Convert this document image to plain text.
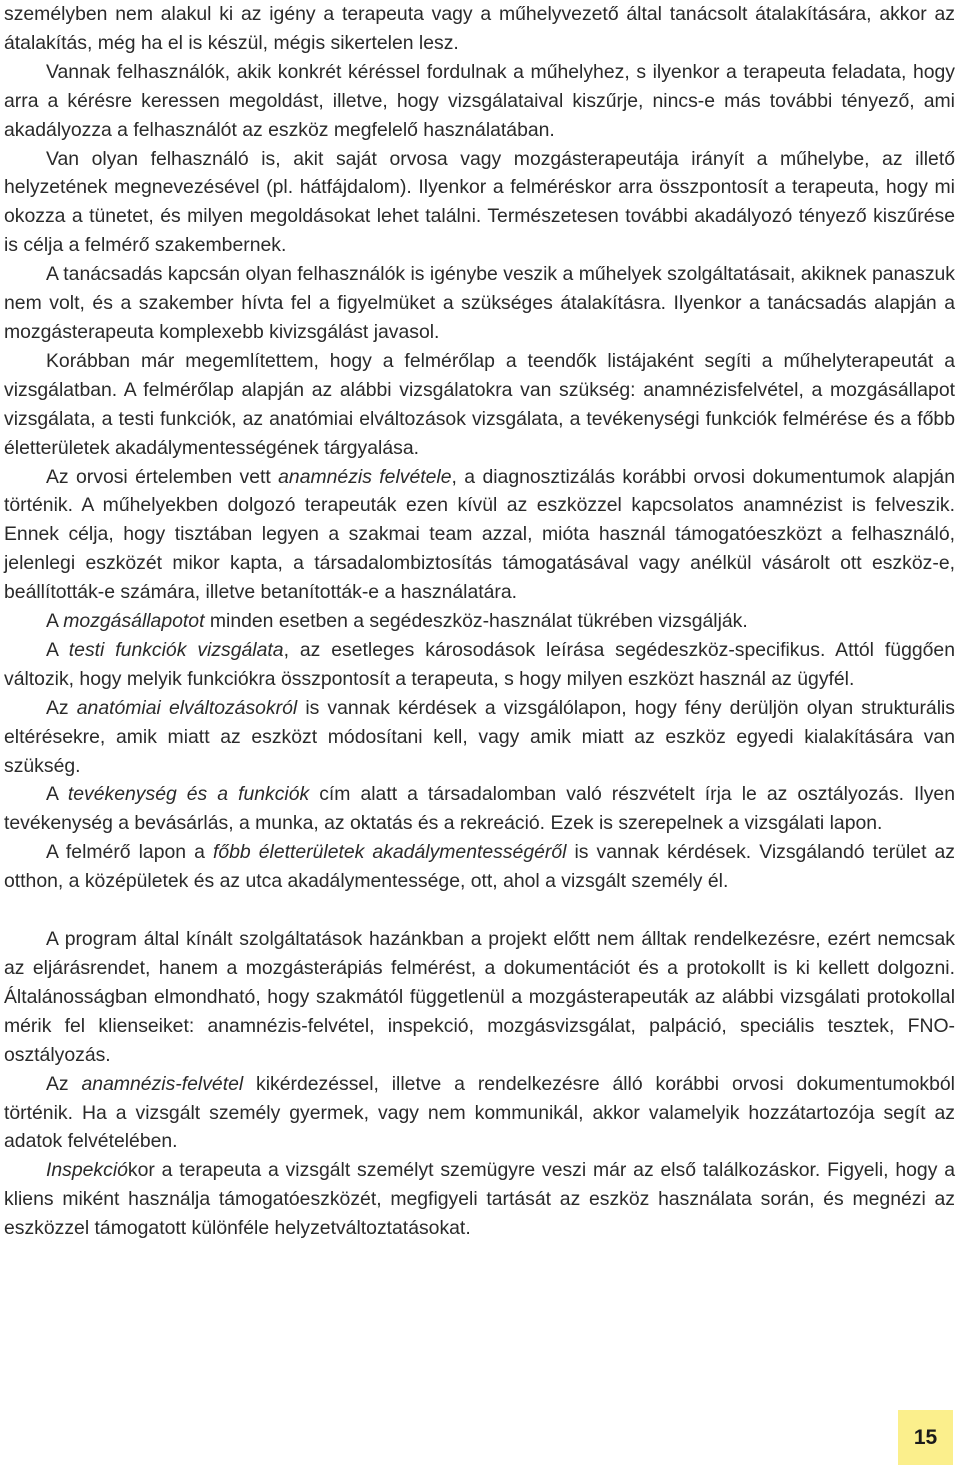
személyben nem alakul ki az igény a terapeuta vagy a műhelyvezető által tanácsolt átalakítására, akkor az átalakítás, még ha el is készül, mégis sikertelen lesz.

Vannak felhasználók, akik konkrét kéréssel fordulnak a műhelyhez, s ilyenkor a terapeuta feladata, hogy arra a kérésre keressen megoldást, illetve, hogy vizsgálataival kiszűrje, nincs-e más további tényező, ami akadályozza a felhasználót az eszköz megfelelő használatában.

Van olyan felhasználó is, akit saját orvosa vagy mozgásterapeutája irányít a műhelybe, az illető helyzetének megnevezésével (pl. hátfájdalom). Ilyenkor a felméréskor arra összpontosít a terapeuta, hogy mi okozza a tünetet, és milyen megoldásokat lehet találni. Természetesen további akadályozó tényező kiszűrése is célja a felmérő szakembernek.

A tanácsadás kapcsán olyan felhasználók is igénybe veszik a műhelyek szolgáltatásait, akiknek panaszuk nem volt, és a szakember hívta fel a figyelmüket a szükséges átalakításra. Ilyenkor a tanácsadás alapján a mozgásterapeuta komplexebb kivizsgálást javasol.

Korábban már megemlítettem, hogy a felmérőlap a teendők listájaként segíti a műhelyterapeutát a vizsgálatban. A felmérőlap alapján az alábbi vizsgálatokra van szükség: anamnézisfelvétel, a mozgásállapot vizsgálata, a testi funkciók, az anatómiai elváltozások vizsgálata, a tevékenységi funkciók felmérése és a főbb életterületek akadálymentességének tárgyalása.

Az orvosi értelemben vett anamnézis felvétele, a diagnosztizálás korábbi orvosi dokumentumok alapján történik. A műhelyekben dolgozó terapeuták ezen kívül az eszközzel kapcsolatos anamnézist is felveszik. Ennek célja, hogy tisztában legyen a szakmai team azzal, mióta használ támogatóeszközt a felhasználó, jelenlegi eszközét mikor kapta, a társadalombiztosítás támogatásával vagy anélkül vásárolt ott eszköz-e, beállították-e számára, illetve betanították-e a használatára.

A mozgásállapotot minden esetben a segédeszköz-használat tükrében vizsgálják.

A testi funkciók vizsgálata, az esetleges károsodások leírása segédeszköz-specifikus. Attól függően változik, hogy melyik funkciókra összpontosít a terapeuta, s hogy milyen eszközt használ az ügyfél.

Az anatómiai elváltozásokról is vannak kérdések a vizsgálólapon, hogy fény derüljön olyan strukturális eltérésekre, amik miatt az eszközt módosítani kell, vagy amik miatt az eszköz egyedi kialakítására van szükség.

A tevékenység és a funkciók cím alatt a társadalomban való részvételt írja le az osztályozás. Ilyen tevékenység a bevásárlás, a munka, az oktatás és a rekreáció. Ezek is szerepelnek a vizsgálati lapon.

A felmérő lapon a főbb életterületek akadálymentességéről is vannak kérdések. Vizsgálandó terület az otthon, a középületek és az utca akadálymentessége, ott, ahol a vizsgált személy él.

A program által kínált szolgáltatások hazánkban a projekt előtt nem álltak rendelkezésre, ezért nemcsak az eljárásrendet, hanem a mozgásterápiás felmérést, a dokumentációt és a protokollt is ki kellett dolgozni. Általánosságban elmondható, hogy szakmától függetlenül a mozgásterapeuták az alábbi vizsgálati protokollal mérik fel klienseiket: anamnézis-felvétel, inspekció, mozgásvizsgálat, palpáció, speciális tesztek, FNO-osztályozás.

Az anamnézis-felvétel kikérdezéssel, illetve a rendelkezésre álló korábbi orvosi dokumentumokból történik. Ha a vizsgált személy gyermek, vagy nem kommunikál, akkor valamelyik hozzátartozója segít az adatok felvételében.

Inspekciókor a terapeuta a vizsgált személyt szemügyre veszi már az első találkozáskor. Figyeli, hogy a kliens miként használja támogatóeszközét, megfigyeli tartását az eszköz használata során, és megnézi az eszközzel támogatott különféle helyzetváltoztatásokat.

15
